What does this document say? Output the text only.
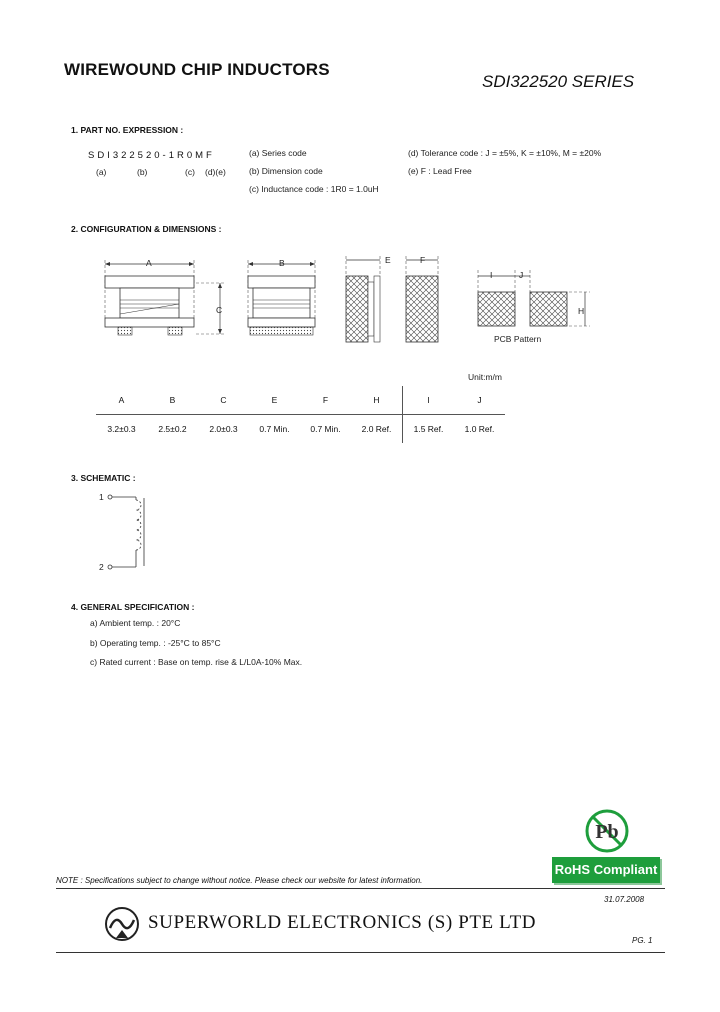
WIREWOUND CHIP INDUCTORS
SDI322520 SERIES
1. PART NO. EXPRESSION :
SDI322520-1R0MF
(a)	(b)	(c) (d)(e)
(a) Series code
(b) Dimension code
(c) Inductance code : 1R0 = 1.0uH
(d) Tolerance code : J = ±5%, K = ±10%, M = ±20%
(e) F : Lead Free
2. CONFIGURATION & DIMENSIONS :
A	B
C
E	F
I	J
H
PCB Pattern
Unit:m/m
A	B	C	E	F	H	I	J
3.2±0.3	2.5±0.2	2.0±0.3	0.7 Min.	0.7 Min.	2.0 Ref.	1.5 Ref.	1.0 Ref.
3. SCHEMATIC :
1
2
4. GENERAL SPECIFICATION :
a) Ambient temp. : 20°C
b) Operating temp. : -25°C to 85°C
c) Rated current : Base on temp. rise & L/L0A-10% Max.
Pb
RoHS Compliant
NOTE : Specifications subject to change without notice. Please check our website for latest information.
31.07.2008
SUPERWORLD ELECTRONICS (S) PTE LTD
PG. 1
